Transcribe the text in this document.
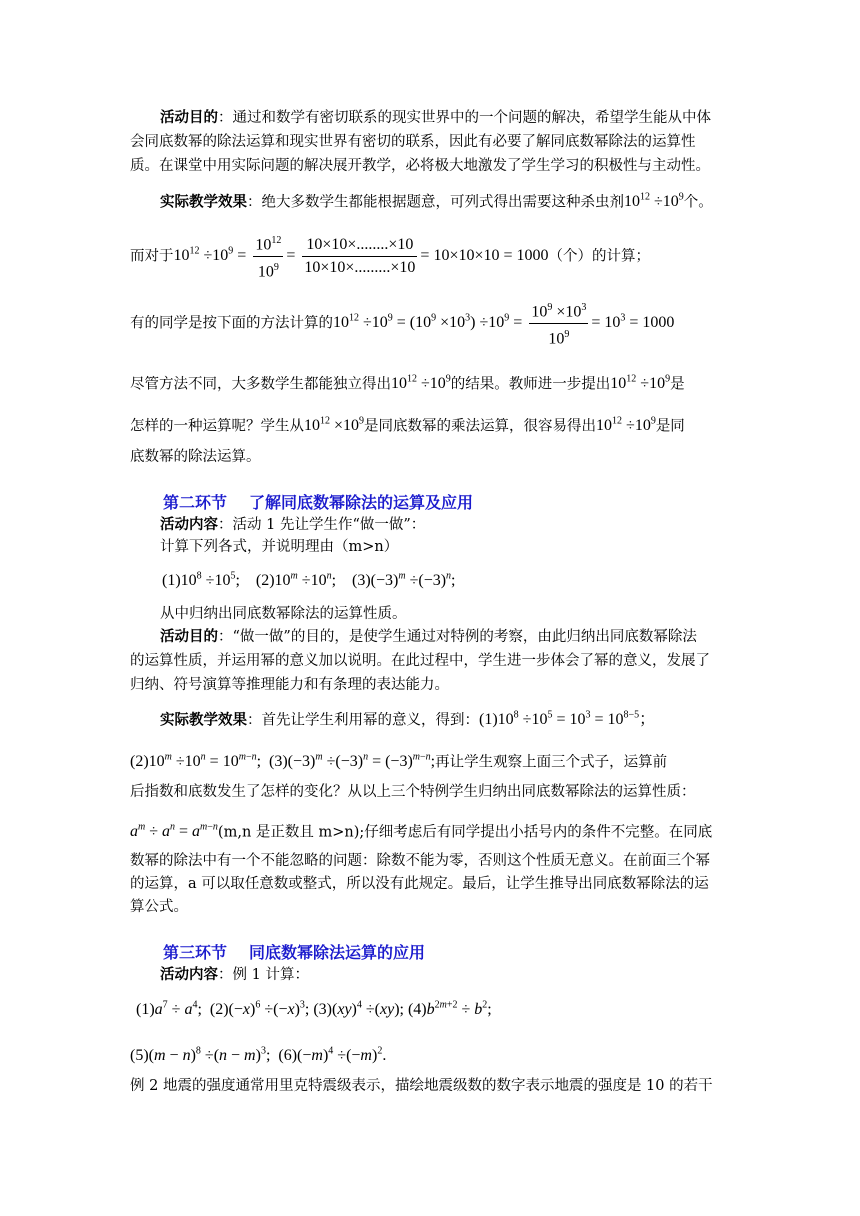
活动目的：通过和数学有密切联系的现实世界中的一个问题的解决，希望学生能从中体
会同底数幂的除法运算和现实世界有密切的联系，因此有必要了解同底数幂除法的运算性
质。在课堂中用实际问题的解决展开教学，必将极大地激发了学生学习的积极性与主动性。
实际教学效果：绝大多数学生都能根据题意，可列式得出需要这种杀虫剂$10^{12} \div 10^9$个。
而对于$10^{12} \div 10^9 = \frac{10^{12}}{10^9} = \frac{10\times 10\times........\times 10}{10\times 10\times.........\times 10} = 10\times 10\times 10 = 1000$（个）的计算；
有的同学是按下面的方法计算的$10^{12} \div 10^9 = (10^9 \times 10^3) \div 10^9 = \frac{10^9 \times 10^3}{10^9} = 10^3 = 1000$
尽管方法不同，大多数学生都能独立得出$10^{12} \div 10^9$的结果。教师进一步提出$10^{12} \div 10^9$是
怎样的一种运算呢？学生从$10^{12} \times 10^9$是同底数幂的乘法运算，很容易得出$10^{12} \div 10^9$是同
底数幂的除法运算。
第二环节 了解同底数幂除法的运算及应用
活动内容：活动 1 先让学生作“做一做”：
计算下列各式，并说明理由（m>n）
$(1)10^8 \div 10^5$;    $(2)10^m \div 10^n$;    $(3)(-3)^m \div(-3)^n$;
从中归纳出同底数幂除法的运算性质。
活动目的：“做一做”的目的，是使学生通过对特例的考察，由此归纳出同底数幂除法
的运算性质，并运用幂的意义加以说明。在此过程中，学生进一步体会了幂的意义，发展了
归纳、符号演算等推理能力和有条理的表达能力。
实际教学效果：首先让学生利用幂的意义，得到：$(1)10^8 \div 10^5 = 10^3 = 10^{8-5}$；
$(2)10^m \div 10^n = 10^{m-n}$;  $(3)(-3)^m \div(-3)^n = (-3)^{m-n}$;再让学生观察上面三个式子，运算前
后指数和底数发生了怎样的变化？从以上三个特例学生归纳出同底数幂除法的运算性质：
$a^m \div a^n = a^{m-n}(m,n$ 是正数且 m>n);仔细考虑后有同学提出小括号内的条件不完整。在同底
数幂的除法中有一个不能忽略的问题：除数不能为零，否则这个性质无意义。在前面三个幂
的运算，a 可以取任意数或整式，所以没有此规定。最后，让学生推导出同底数幂除法的运
算公式。
第三环节 同底数幂除法运算的应用
活动内容：例 1 计算：
$(1)a^7 \div a^4$;  $(2)(-x)^6 \div(-x)^3$; (3)(xy)$^4$ ÷(xy); $(4)b^{2m+2} \div b^2$;
$(5)(m - n)^8 \div(n - m)^3$;  $(6)(-m)^4 \div(-m)^2$.
例 2 地震的强度通常用里克特震级表示，描绘地震级数的数字表示地震的强度是 10 的若干
